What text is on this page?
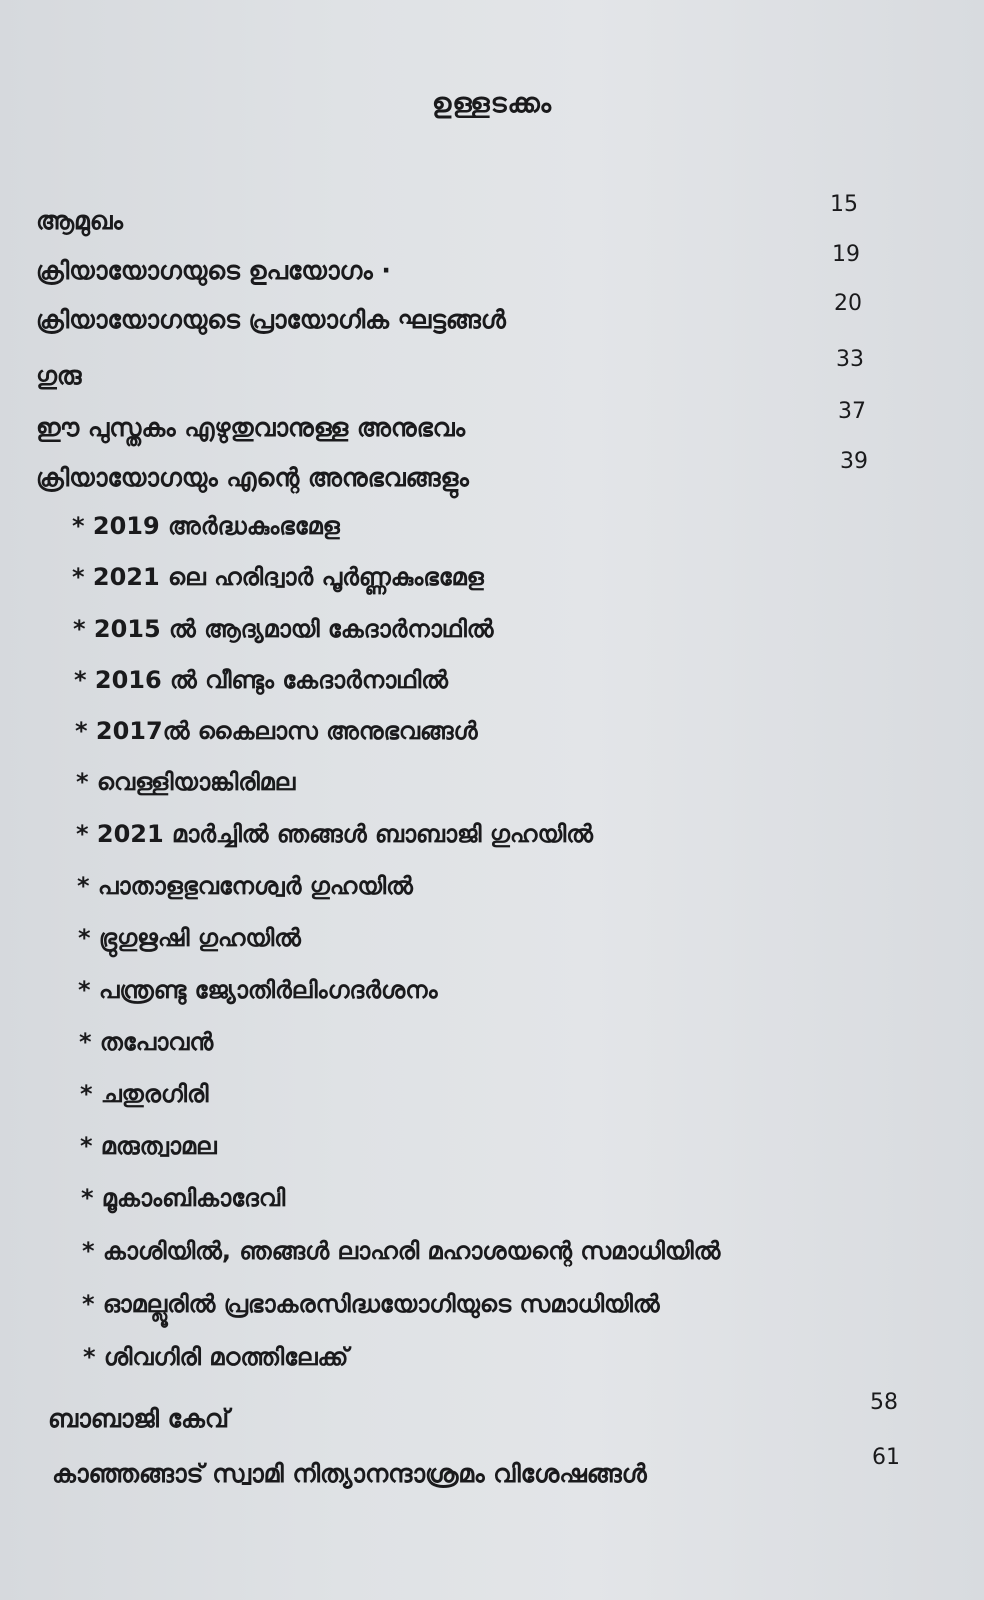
ഉള്ളടക്കം
ആമുഖം
15
ക്രിയായോഗയുടെ ഉപയോഗം ·
19
ക്രിയായോഗയുടെ പ്രായോഗിക ഘട്ടങ്ങൾ
20
ഗുരു
33
ഈ പുസ്തകം എഴുതുവാനുള്ള അനുഭവം
37
ക്രിയായോഗയും എന്റെ അനുഭവങ്ങളും
39
* 2019 അർദ്ധകുംഭമേള
* 2021 ലെ ഹരിദ്വാർ പൂർണ്ണകുംഭമേള
* 2015 ൽ ആദ്യമായി കേദാർനാഥിൽ
* 2016 ൽ വീണ്ടും കേദാർനാഥിൽ
* 2017ൽ കൈലാസ അനുഭവങ്ങൾ
* വെള്ളിയാങ്കിരിമല
* 2021 മാർച്ചിൽ ഞങ്ങൾ ബാബാജി ഗുഹയിൽ
* പാതാളഭുവനേശ്വർ ഗുഹയിൽ
* ഭ്രുഗുഋഷി ഗുഹയിൽ
* പന്ത്രണ്ടു ജ്യോതിർലിംഗദർശനം
* തപോവൻ
* ചതുരഗിരി
* മരുത്വാമല
* മൂകാംബികാദേവി
* കാശിയിൽ, ഞങ്ങൾ ലാഹരി മഹാശയന്റെ സമാധിയിൽ
* ഓമല്ലൂരിൽ പ്രഭാകരസിദ്ധയോഗിയുടെ സമാധിയിൽ
* ശിവഗിരി മഠത്തിലേക്ക്
ബാബാജി കേവ്
58
കാഞ്ഞങ്ങാട് സ്വാമി നിത്യാനന്ദാശ്രമം വിശേഷങ്ങൾ
61
